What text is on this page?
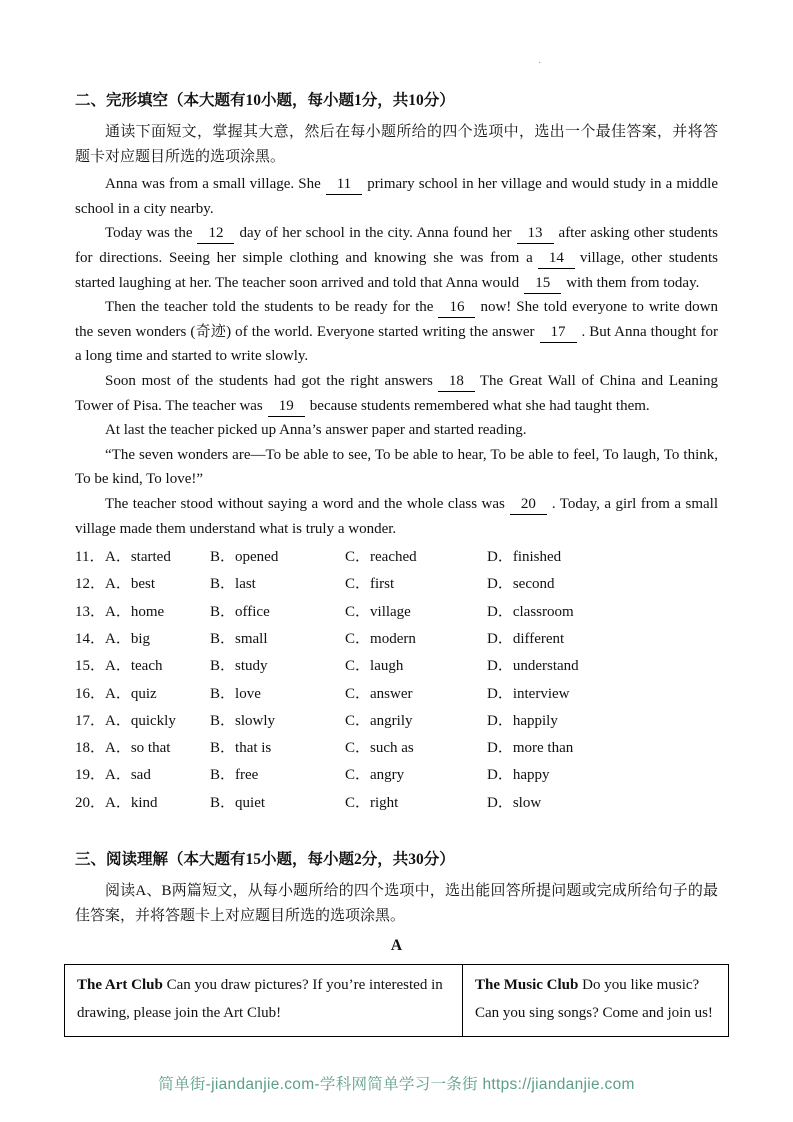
·
二、完形填空（本大题有10小题，每小题1分，共10分）

通读下面短文，掌握其大意，然后在每小题所给的四个选项中，选出一个最佳答案，并将答题卡对应题目所选的选项涂黑。

Anna was from a small village. She 11 primary school in her village and would study in a middle school in a city nearby.

Today was the 12 day of her school in the city. Anna found her 13 after asking other students for directions. Seeing her simple clothing and knowing she was from a 14 village, other students started laughing at her. The teacher soon arrived and told that Anna would 15 with them from today.

Then the teacher told the students to be ready for the 16 now! She told everyone to write down the seven wonders (奇迹) of the world. Everyone started writing the answer 17 . But Anna thought for a long time and started to write slowly.

Soon most of the students had got the right answers 18 The Great Wall of China and Leaning Tower of Pisa. The teacher was 19 because students remembered what she had taught them.

At last the teacher picked up Anna’s answer paper and started reading.

“The seven wonders are—To be able to see, To be able to hear, To be able to feel, To laugh, To think, To be kind, To love!”

The teacher stood without saying a word and the whole class was 20 . Today, a girl from a small village made them understand what is truly a wonder.

11．	A．started	B．opened	C．reached	D．finished
12．	A．best	B．last	C．first	D．second
13．	A．home	B．office	C．village	D．classroom
14．	A．big	B．small	C．modern	D．different
15．	A．teach	B．study	C．laugh	D．understand
16．	A．quiz	B．love	C．answer	D．interview
17．	A．quickly	B．slowly	C．angrily	D．happily
18．	A．so that	B．that is	C．such as	D．more than
19．	A．sad	B．free	C．angry	D．happy
20．	A．kind	B．quiet	C．right	D．slow
三、阅读理解（本大题有15小题，每小题2分，共30分）

阅读A、B两篇短文，从每小题所给的四个选项中，选出能回答所提问题或完成所给句子的最佳答案，并将答题卡上对应题目所选的选项涂黑。

A
The Art Club Can you draw pictures? If you’re interested in drawing, please join the Art Club!	The Music Club Do you like music? Can you sing songs? Come and join us!
简单街-jiandanjie.com-学科网简单学习一条街 https://jiandanjie.com
